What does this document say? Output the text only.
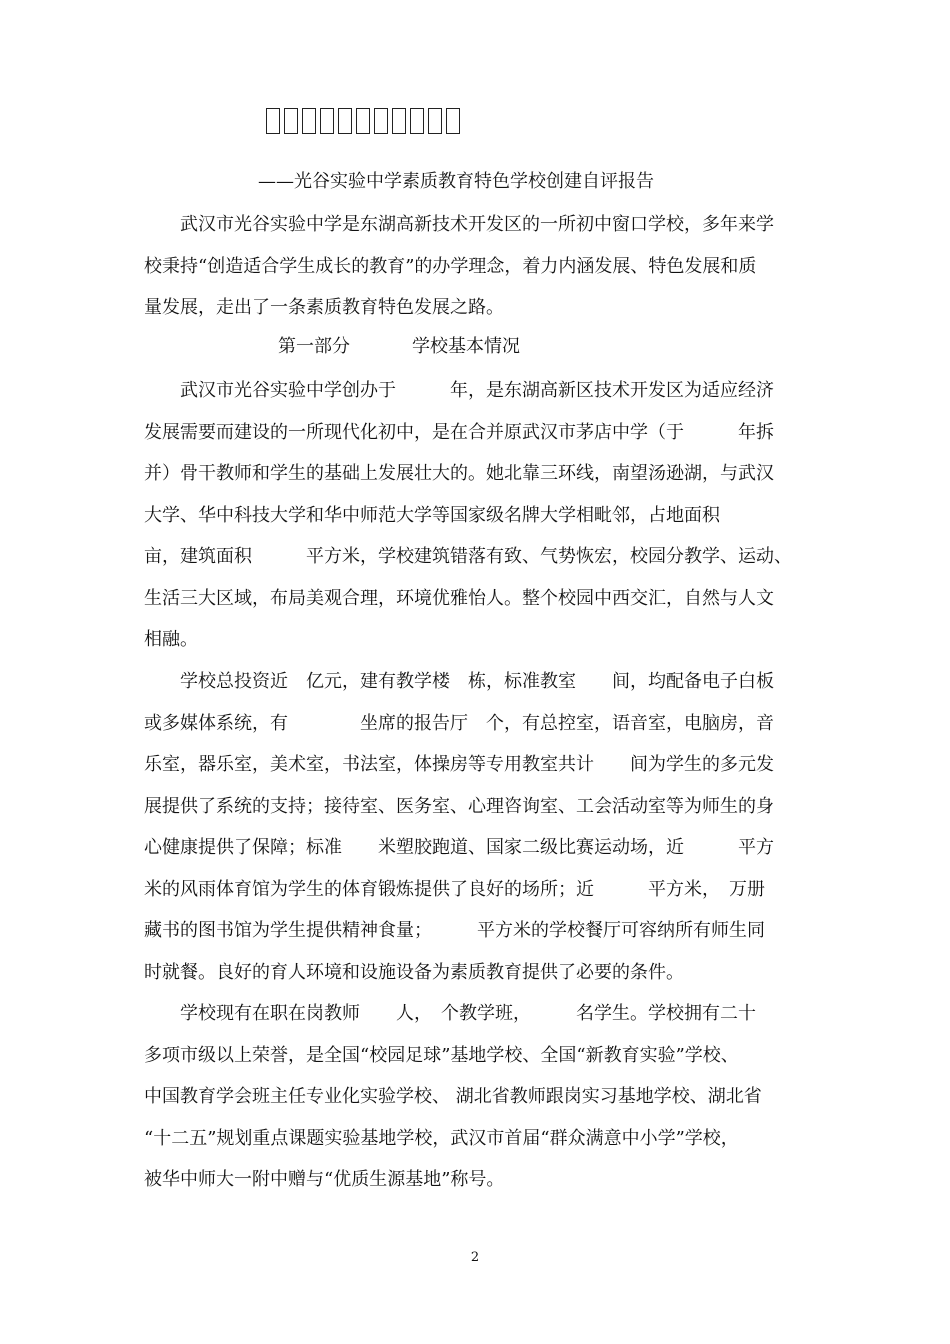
——光谷实验中学素质教育特色学校创建自评报告
　　武汉市光谷实验中学是东湖高新技术开发区的一所初中窗口学校，多年来学
校秉持“创造适合学生成长的教育”的办学理念，着力内涵发展、特色发展和质
量发展，走出了一条素质教育特色发展之路。
第一部分	学校基本情况
　　武汉市光谷实验中学创办于　　　年，是东湖高新区技术开发区为适应经济
发展需要而建设的一所现代化初中，是在合并原武汉市茅店中学（于　　　年拆
并）骨干教师和学生的基础上发展壮大的。她北靠三环线，南望汤逊湖，与武汉
大学、华中科技大学和华中师范大学等国家级名牌大学相毗邻，占地面积
亩，建筑面积　　　平方米，学校建筑错落有致、气势恢宏，校园分教学、运动、
生活三大区域，布局美观合理，环境优雅怡人。整个校园中西交汇，自然与人文
相融。
　　学校总投资近　亿元，建有教学楼　栋，标准教室　　间，均配备电子白板
或多媒体系统，有　　　　坐席的报告厅　个，有总控室，语音室，电脑房，音
乐室，器乐室，美术室，书法室，体操房等专用教室共计　　间为学生的多元发
展提供了系统的支持；接待室、医务室、心理咨询室、工会活动室等为师生的身
心健康提供了保障；标准　　米塑胶跑道、国家二级比赛运动场，近　　　平方
米的风雨体育馆为学生的体育锻炼提供了良好的场所；近　　　平方米，　万册
藏书的图书馆为学生提供精神食量；　　　平方米的学校餐厅可容纳所有师生同
时就餐。良好的育人环境和设施设备为素质教育提供了必要的条件。
　　学校现有在职在岗教师　　人，　个教学班，　　　名学生。学校拥有二十
多项市级以上荣誉，是全国“校园足球”基地学校、全国“新教育实验”学校、
中国教育学会班主任专业化实验学校、 湖北省教师跟岗实习基地学校、湖北省
“十二五”规划重点课题实验基地学校，武汉市首届“群众满意中小学”学校，
被华中师大一附中赠与“优质生源基地”称号。
2
